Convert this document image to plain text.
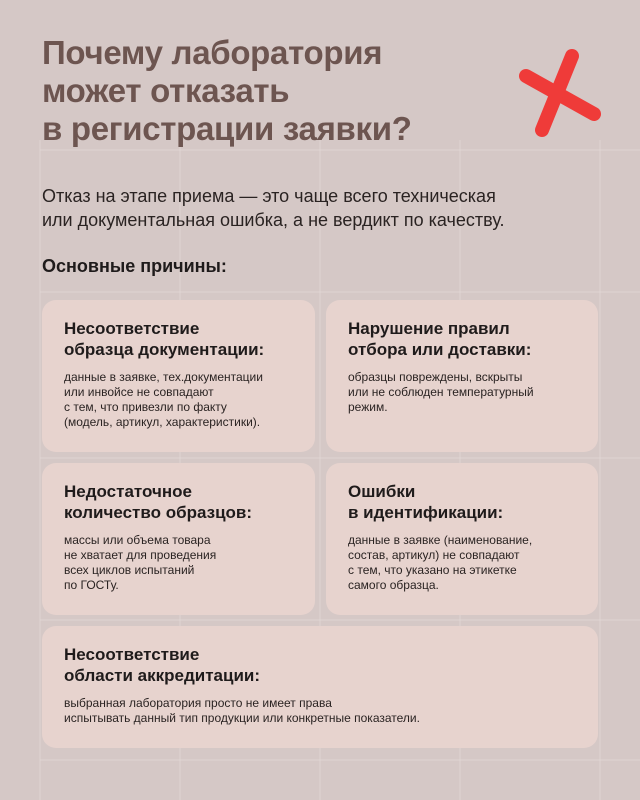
Почему лаборатория
может отказать
в регистрации заявки?

Отказ на этапе приема — это чаще всего техническая
или документальная ошибка, а не вердикт по качеству.

Основные причины:
Несоответствие
образца документации:

данные в заявке, тех.документации
или инвойсе не совпадают
с тем, что привезли по факту
(модель, артикул, характеристики).

Нарушение правил
отбора или доставки:

образцы повреждены, вскрыты
или не соблюден температурный
режим.

Недостаточное
количество образцов:

массы или объема товара
не хватает для проведения
всех циклов испытаний
по ГОСТу.

Ошибки
в идентификации:

данные в заявке (наименование,
состав, артикул) не совпадают
с тем, что указано на этикетке
самого образца.

Несоответствие
области аккредитации:

выбранная лаборатория просто не имеет права
испытывать данный тип продукции или конкретные показатели.
